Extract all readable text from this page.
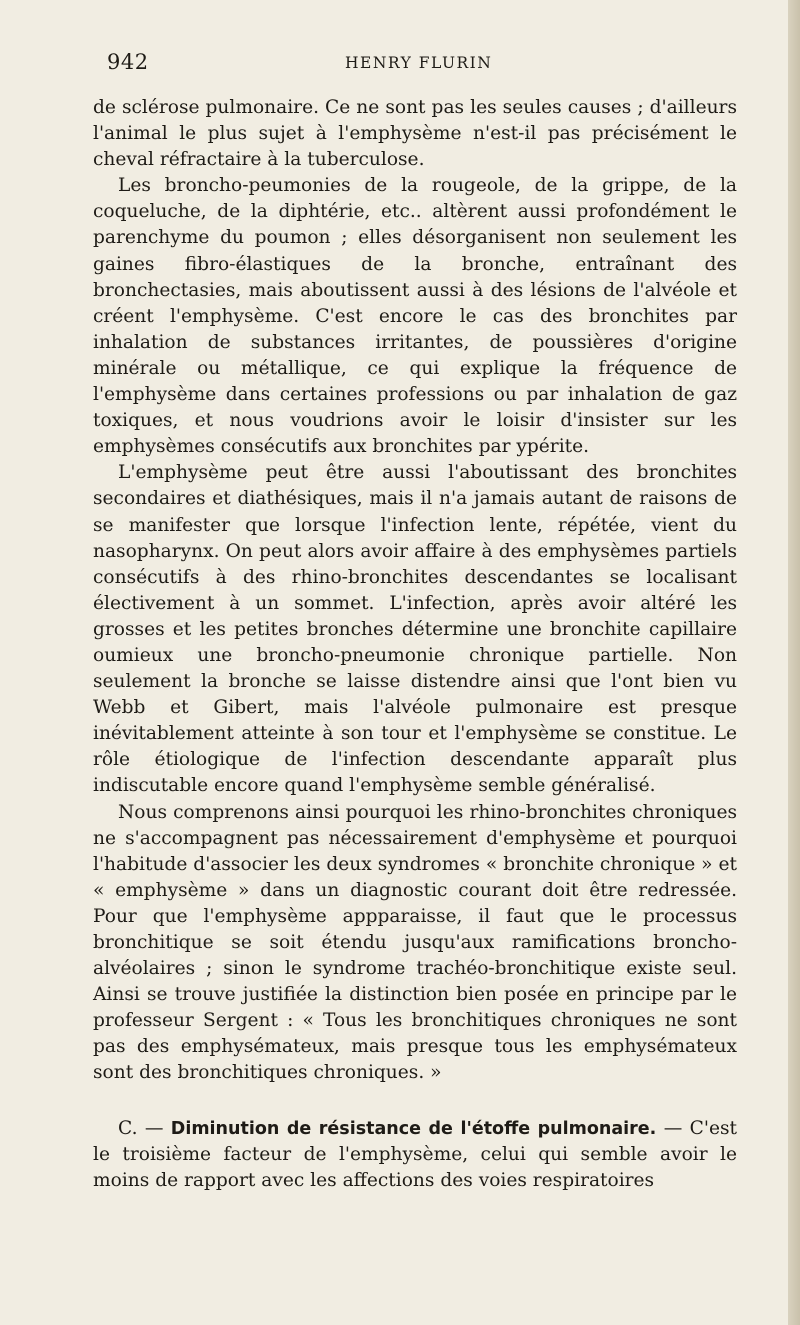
942	HENRY FLURIN

de sclérose pulmonaire. Ce ne sont pas les seules causes ; d'ailleurs l'animal le plus sujet à l'emphysème n'est-il pas précisément le cheval réfractaire à la tuberculose.

Les broncho-peumonies de la rougeole, de la grippe, de la coqueluche, de la diphtérie, etc.. altèrent aussi profondément le parenchyme du poumon ; elles désorganisent non seulement les gaines fibro-élastiques de la bronche, entraînant des bronchectasies, mais aboutissent aussi à des lésions de l'alvéole et créent l'emphysème. C'est encore le cas des bronchites par inhalation de substances irritantes, de poussières d'origine minérale ou métallique, ce qui explique la fréquence de l'emphysème dans certaines professions ou par inhalation de gaz toxiques, et nous voudrions avoir le loisir d'insister sur les emphysèmes consécutifs aux bronchites par ypérite.

L'emphysème peut être aussi l'aboutissant des bronchites secondaires et diathésiques, mais il n'a jamais autant de raisons de se manifester que lorsque l'infection lente, répétée, vient du nasopharynx. On peut alors avoir affaire à des emphysèmes partiels consécutifs à des rhino-bronchites descendantes se localisant électivement à un sommet. L'infection, après avoir altéré les grosses et les petites bronches détermine une bronchite capillaire oumieux une broncho-pneumonie chronique partielle. Non seulement la bronche se laisse distendre ainsi que l'ont bien vu Webb et Gibert, mais l'alvéole pulmonaire est presque inévitablement atteinte à son tour et l'emphysème se constitue. Le rôle étiologique de l'infection descendante apparaît plus indiscutable encore quand l'emphysème semble généralisé.

Nous comprenons ainsi pourquoi les rhino-bronchites chroniques ne s'accompagnent pas nécessairement d'emphysème et pourquoi l'habitude d'associer les deux syndromes « bronchite chronique » et « emphysème » dans un diagnostic courant doit être redressée. Pour que l'emphysème appparaisse, il faut que le processus bronchitique se soit étendu jusqu'aux ramifications broncho-alvéolaires ; sinon le syndrome trachéo-bronchitique existe seul. Ainsi se trouve justifiée la distinction bien posée en principe par le professeur Sergent : « Tous les bronchitiques chroniques ne sont pas des emphysémateux, mais presque tous les emphysémateux sont des bronchitiques chroniques. »

C. — Diminution de résistance de l'étoffe pulmonaire. — C'est le troisième facteur de l'emphysème, celui qui semble avoir le moins de rapport avec les affections des voies respiratoires
